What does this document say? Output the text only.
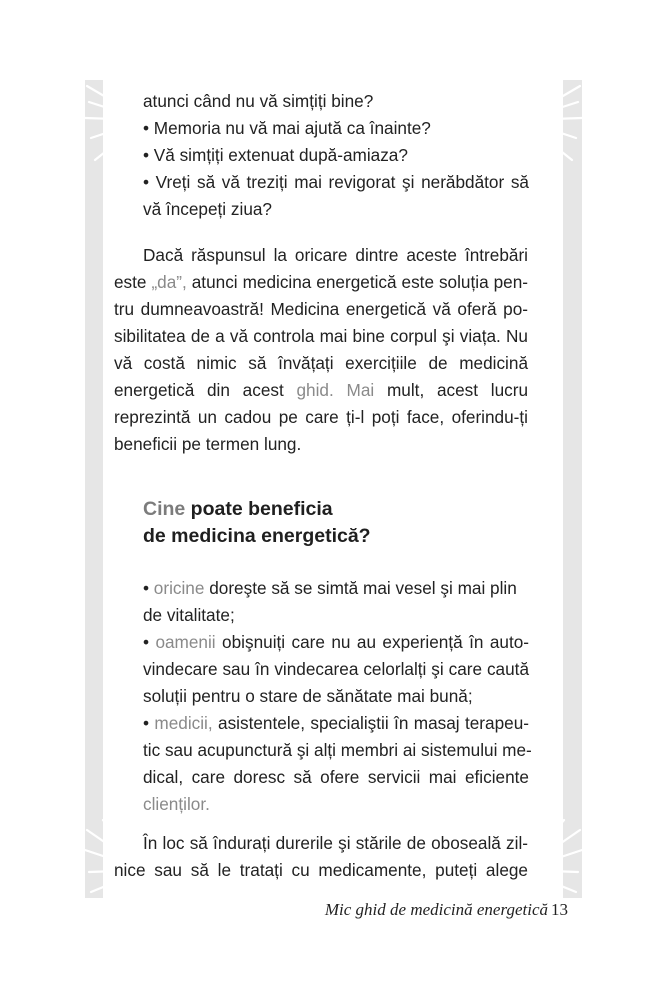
atunci când nu vă simțiți bine?
• Memoria nu vă mai ajută ca înainte?
• Vă simțiți extenuat după-amiaza?
• Vreți să vă treziți mai revigorat şi nerăbdător să
vă începeți ziua?
Dacă răspunsul la oricare dintre aceste întrebări
este „da”, atunci medicina energetică este soluția pen-
tru dumneavoastră! Medicina energetică vă oferă po-
sibilitatea de a vă controla mai bine corpul şi viața. Nu
vă costă nimic să învățați exercițiile de medicină
energetică din acest ghid. Mai mult, acest lucru
reprezintă un cadou pe care ți-l poți face, oferindu-ți
beneficii pe termen lung.
Cine poate beneficia
de medicina energetică?
• oricine doreşte să se simtă mai vesel şi mai plin
de vitalitate;
• oamenii obişnuiți care nu au experiență în auto-
vindecare sau în vindecarea celorlalți şi care caută
soluții pentru o stare de sănătate mai bună;
• medicii, asistentele, specialiştii în masaj terapeu-
tic sau acupunctură şi alți membri ai sistemului me-
dical, care doresc să ofere servicii mai eficiente
clienților.
În loc să îndurați durerile şi stările de oboseală zil-
nice sau să le tratați cu medicamente, puteți alege
Mic ghid de medicină energetică 13
